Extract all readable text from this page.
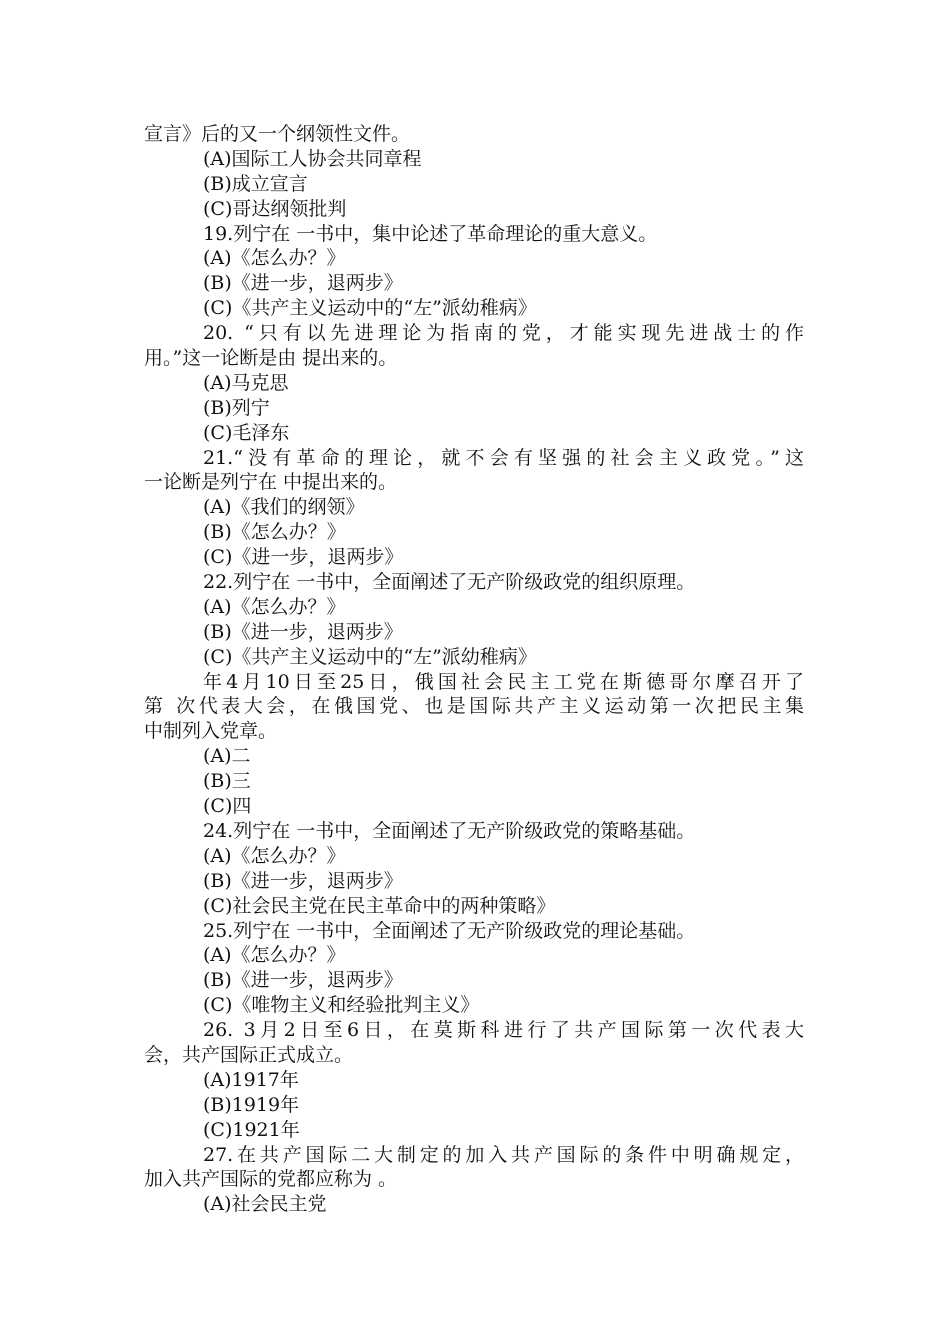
宣言》后的又一个纲领性文件。
(A)国际工人协会共同章程
(B)成立宣言
(C)哥达纲领批判
19.列宁在 一书中，集中论述了革命理论的重大意义。
(A)《怎么办？》
(B)《进一步，退两步》
(C)《共产主义运动中的“左”派幼稚病》
20. “只有以先进理论为指南的党，才能实现先进战士的作
用。”这一论断是由 提出来的。
(A)马克思
(B)列宁
(C)毛泽东
21.“没有革命的理论，就不会有坚强的社会主义政党。”这
一论断是列宁在 中提出来的。
(A)《我们的纲领》
(B)《怎么办？》
(C)《进一步，退两步》
22.列宁在 一书中，全面阐述了无产阶级政党的组织原理。
(A)《怎么办？》
(B)《进一步，退两步》
(C)《共产主义运动中的“左”派幼稚病》
年4月10日至25日，俄国社会民主工党在斯德哥尔摩召开了
第 次代表大会，在俄国党、也是国际共产主义运动第一次把民主集
中制列入党章。
(A)二
(B)三
(C)四
24.列宁在 一书中，全面阐述了无产阶级政党的策略基础。
(A)《怎么办？》
(B)《进一步，退两步》
(C)社会民主党在民主革命中的两种策略》
25.列宁在 一书中，全面阐述了无产阶级政党的理论基础。
(A)《怎么办？》
(B)《进一步，退两步》
(C)《唯物主义和经验批判主义》
26. 3月2日至6日，在莫斯科进行了共产国际第一次代表大
会，共产国际正式成立。
(A)1917年
(B)1919年
(C)1921年
27.在共产国际二大制定的加入共产国际的条件中明确规定，
加入共产国际的党都应称为 。
(A)社会民主党
